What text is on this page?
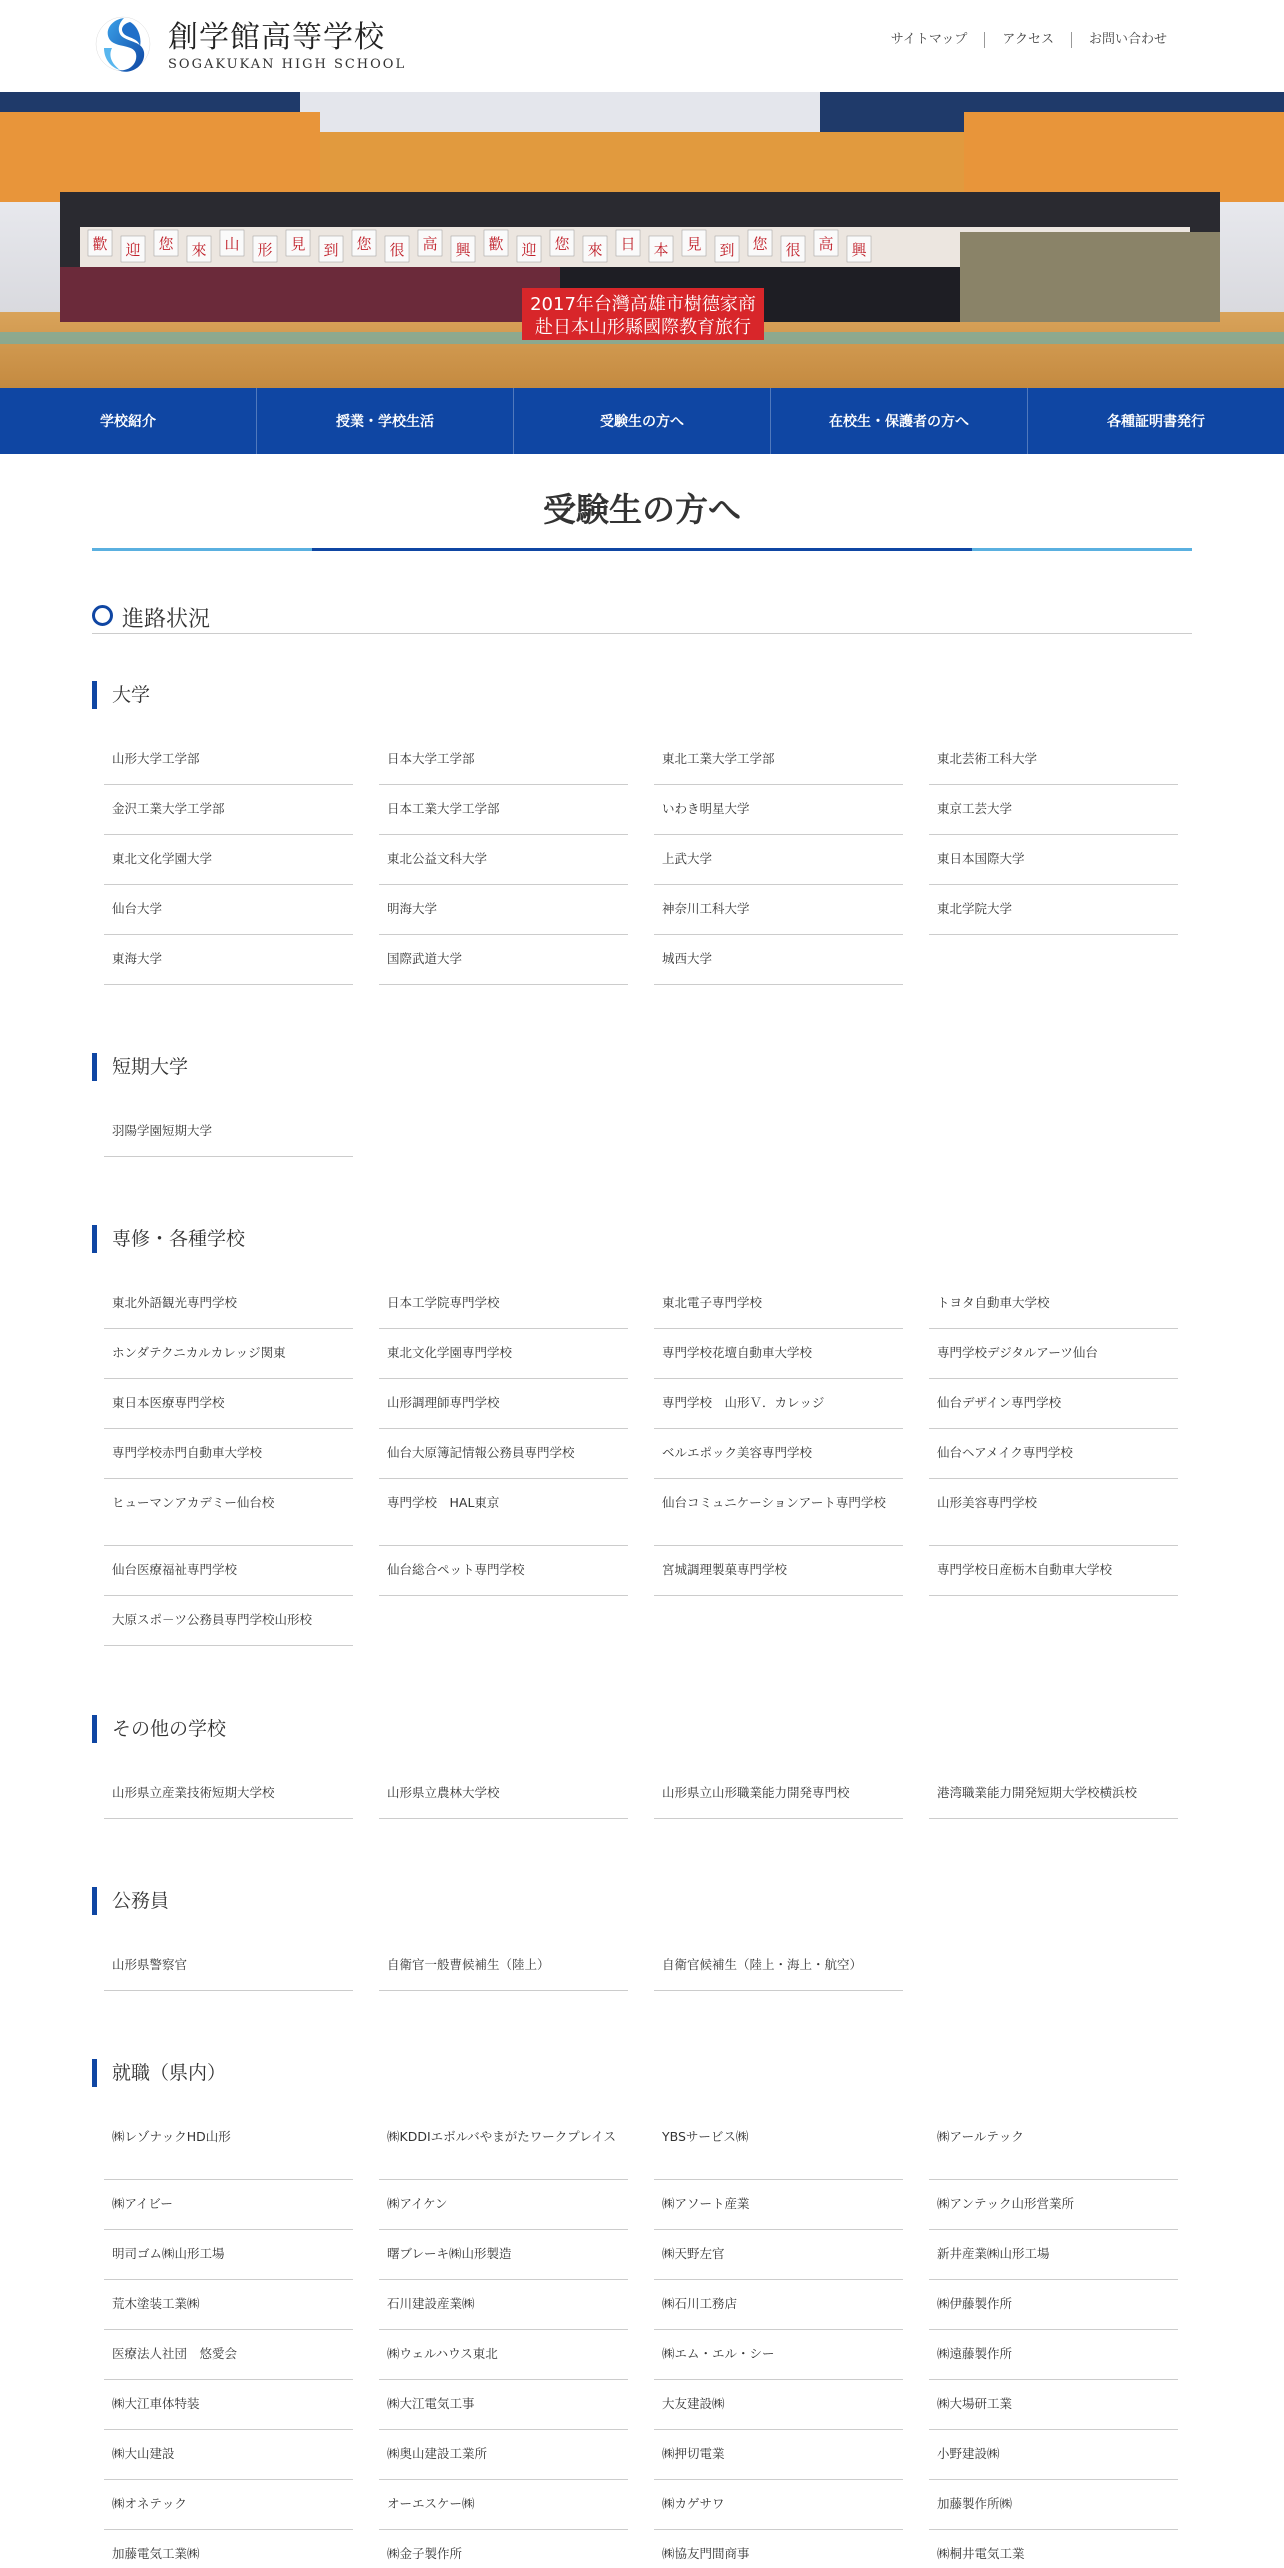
創学館高等学校
SOGAKUKAN HIGH SCHOOL
サイトマップ	アクセス	お問い合わせ
2017年台灣高雄市樹德家商
赴日本山形縣國際教育旅行
歡 迎 您 來 山 形 見 到 您 很 高 興 歡 迎 您 來 日 本 見 到 您 很 高 興
学校紹介	授業・学校生活	受験生の方へ	在校生・保護者の方へ	各種証明書発行
受験生の方へ
進路状況
大学
山形大学工学部	日本大学工学部	東北工業大学工学部	東北芸術工科大学
金沢工業大学工学部	日本工業大学工学部	いわき明星大学	東京工芸大学
東北文化学園大学	東北公益文科大学	上武大学	東日本国際大学
仙台大学	明海大学	神奈川工科大学	東北学院大学
東海大学	国際武道大学	城西大学
短期大学
羽陽学園短期大学
専修・各種学校
東北外語観光専門学校	日本工学院専門学校	東北電子専門学校	トヨタ自動車大学校
ホンダテクニカルカレッジ関東	東北文化学園専門学校	専門学校花壇自動車大学校	専門学校デジタルアーツ仙台
東日本医療専門学校	山形調理師専門学校	専門学校　山形Ｖ．カレッジ	仙台デザイン専門学校
専門学校赤門自動車大学校	仙台大原簿記情報公務員専門学校	ベルエポック美容専門学校	仙台ヘアメイク専門学校
ヒューマンアカデミー仙台校	専門学校　HAL東京	仙台コミュニケーションアート専門学校	山形美容専門学校
仙台医療福祉専門学校	仙台総合ペット専門学校	宮城調理製菓専門学校	専門学校日産栃木自動車大学校
大原スポ－ツ公務員専門学校山形校
その他の学校
山形県立産業技術短期大学校	山形県立農林大学校	山形県立山形職業能力開発専門校	港湾職業能力開発短期大学校横浜校
公務員
山形県警察官	自衛官一般曹候補生（陸上）	自衛官候補生（陸上・海上・航空）
就職（県内）
㈱レゾナックHD山形	㈱KDDIエボルバやまがたワークプレイス	YBSサービス㈱	㈱アールテック
㈱アイビー	㈱アイケン	㈱アソート産業	㈱アンテック山形営業所
明司ゴム㈱山形工場	曙ブレーキ㈱山形製造	㈱天野左官	新井産業㈱山形工場
荒木塗装工業㈱	石川建設産業㈱	㈱石川工務店	㈱伊藤製作所
医療法人社団　悠愛会	㈱ウェルハウス東北	㈱エム・エル・シー	㈱遠藤製作所
㈱大江車体特装	㈱大江電気工事	大友建設㈱	㈱大場研工業
㈱大山建設	㈱奥山建設工業所	㈱押切電業	小野建設㈱
㈱オネテック	オーエスケー㈱	㈱カゲサワ	加藤製作所㈱
加藤電気工業㈱	㈱金子製作所	㈱協友門間商事	㈱桐井電気工業
